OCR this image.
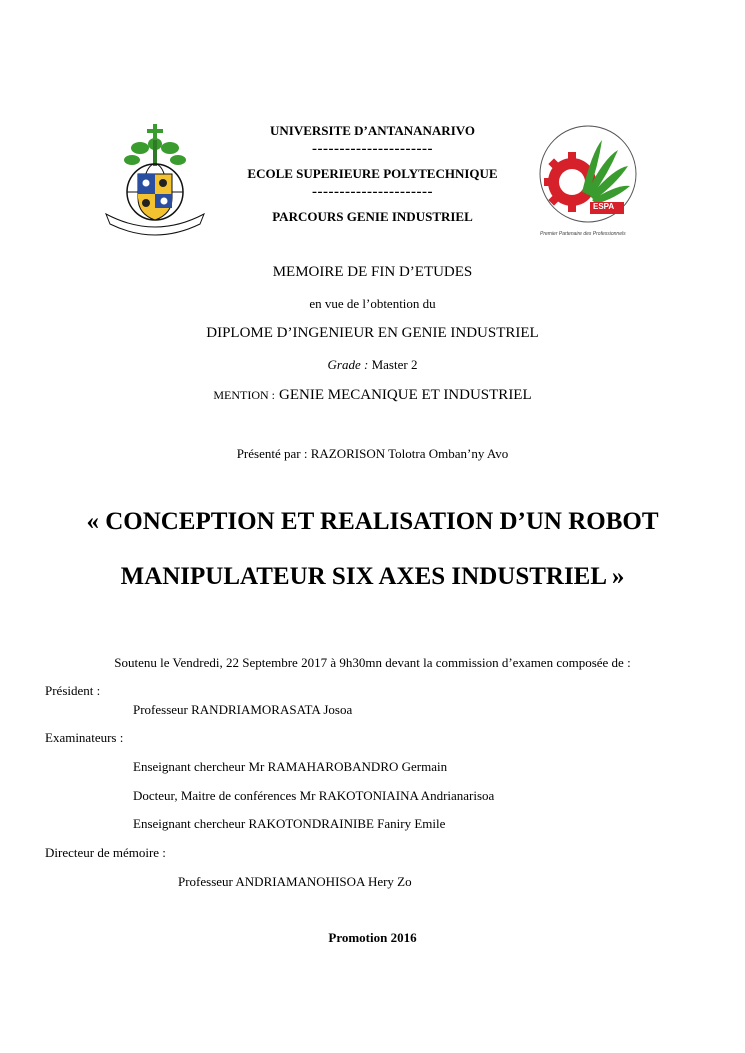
UNIVERSITE D’ANTANANARIVO
----------------------
ECOLE SUPERIEURE POLYTECHNIQUE
----------------------
PARCOURS GENIE INDUSTRIEL
ESPA
Premier Partenaire des Professionnels
MEMOIRE DE FIN D’ETUDES
en vue de l’obtention du
DIPLOME D’INGENIEUR EN GENIE INDUSTRIEL
Grade : Master 2
MENTION : GENIE MECANIQUE ET INDUSTRIEL
Présenté par : RAZORISON Tolotra Omban’ny Avo
« CONCEPTION ET REALISATION D’UN ROBOT
MANIPULATEUR SIX AXES INDUSTRIEL »
Soutenu le Vendredi, 22 Septembre 2017 à 9h30mn devant la commission d’examen composée de :
Président :
Professeur RANDRIAMORASATA Josoa
Examinateurs :
Enseignant chercheur Mr RAMAHAROBANDRO Germain
Docteur, Maitre de conférences Mr RAKOTONIAINA Andrianarisoa
Enseignant chercheur RAKOTONDRAINIBE Faniry Emile
Directeur de mémoire :
Professeur ANDRIAMANOHISOA Hery Zo
Promotion 2016
